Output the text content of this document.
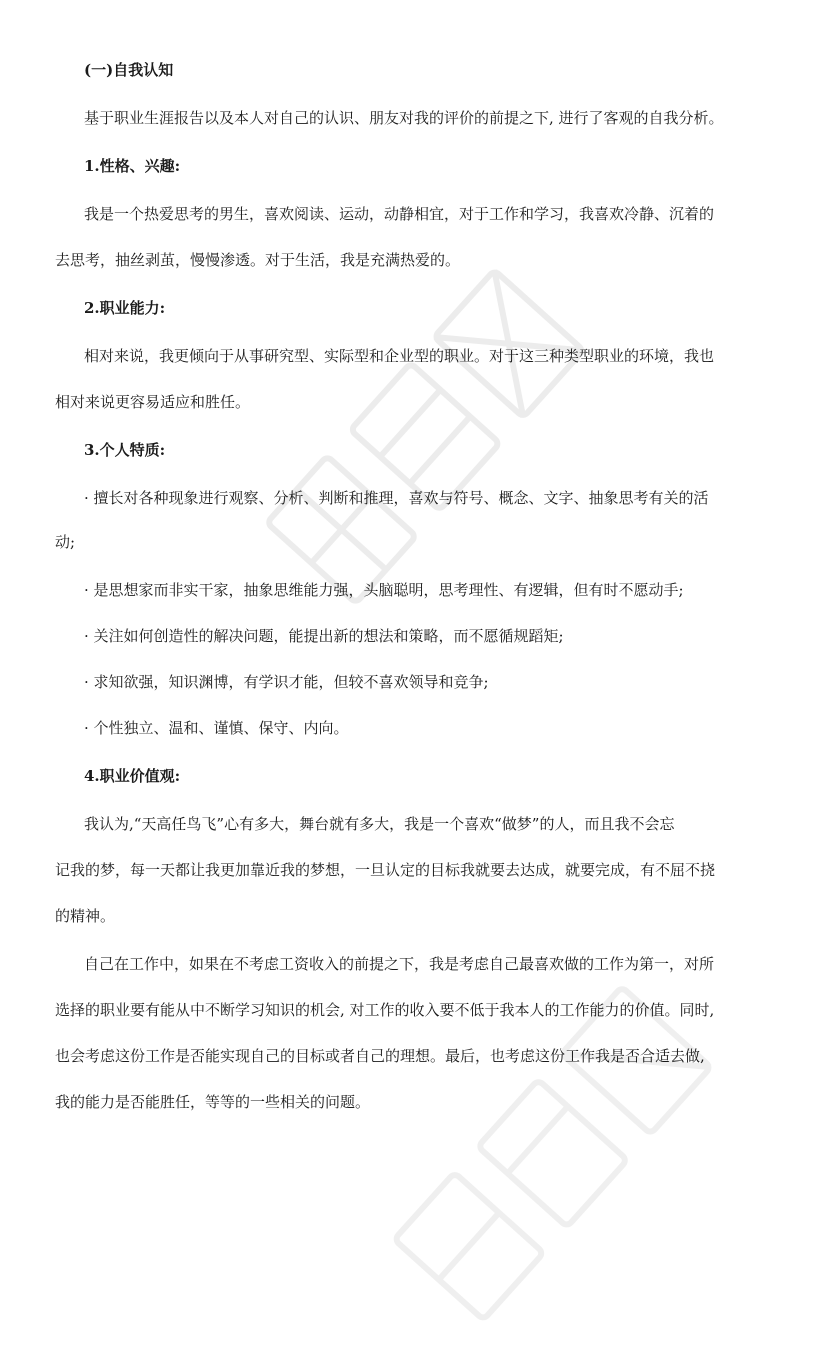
(一)自我认知
基于职业生涯报告以及本人对自己的认识、朋友对我的评价的前提之下, 进行了客观的自我分析。
1.性格、兴趣:
我是一个热爱思考的男生，喜欢阅读、运动，动静相宜，对于工作和学习，我喜欢冷静、沉着的
去思考，抽丝剥茧，慢慢渗透。对于生活，我是充满热爱的。
2.职业能力:
相对来说，我更倾向于从事研究型、实际型和企业型的职业。对于这三种类型职业的环境，我也
相对来说更容易适应和胜任。
3.个人特质:
· 擅长对各种现象进行观察、分析、判断和推理，喜欢与符号、概念、文字、抽象思考有关的活
动;
· 是思想家而非实干家，抽象思维能力强，头脑聪明，思考理性、有逻辑，但有时不愿动手;
· 关注如何创造性的解决问题，能提出新的想法和策略，而不愿循规蹈矩;
· 求知欲强，知识渊博，有学识才能，但较不喜欢领导和竞争;
· 个性独立、温和、谨慎、保守、内向。
4.职业价值观:
我认为,“天高任鸟飞”心有多大，舞台就有多大，我是一个喜欢“做梦”的人，而且我不会忘
记我的梦，每一天都让我更加靠近我的梦想，一旦认定的目标我就要去达成，就要完成，有不屈不挠
的精神。
自己在工作中，如果在不考虑工资收入的前提之下，我是考虑自己最喜欢做的工作为第一，对所
选择的职业要有能从中不断学习知识的机会, 对工作的收入要不低于我本人的工作能力的价值。同时,
也会考虑这份工作是否能实现自己的目标或者自己的理想。最后，也考虑这份工作我是否合适去做,
我的能力是否能胜任，等等的一些相关的问题。
